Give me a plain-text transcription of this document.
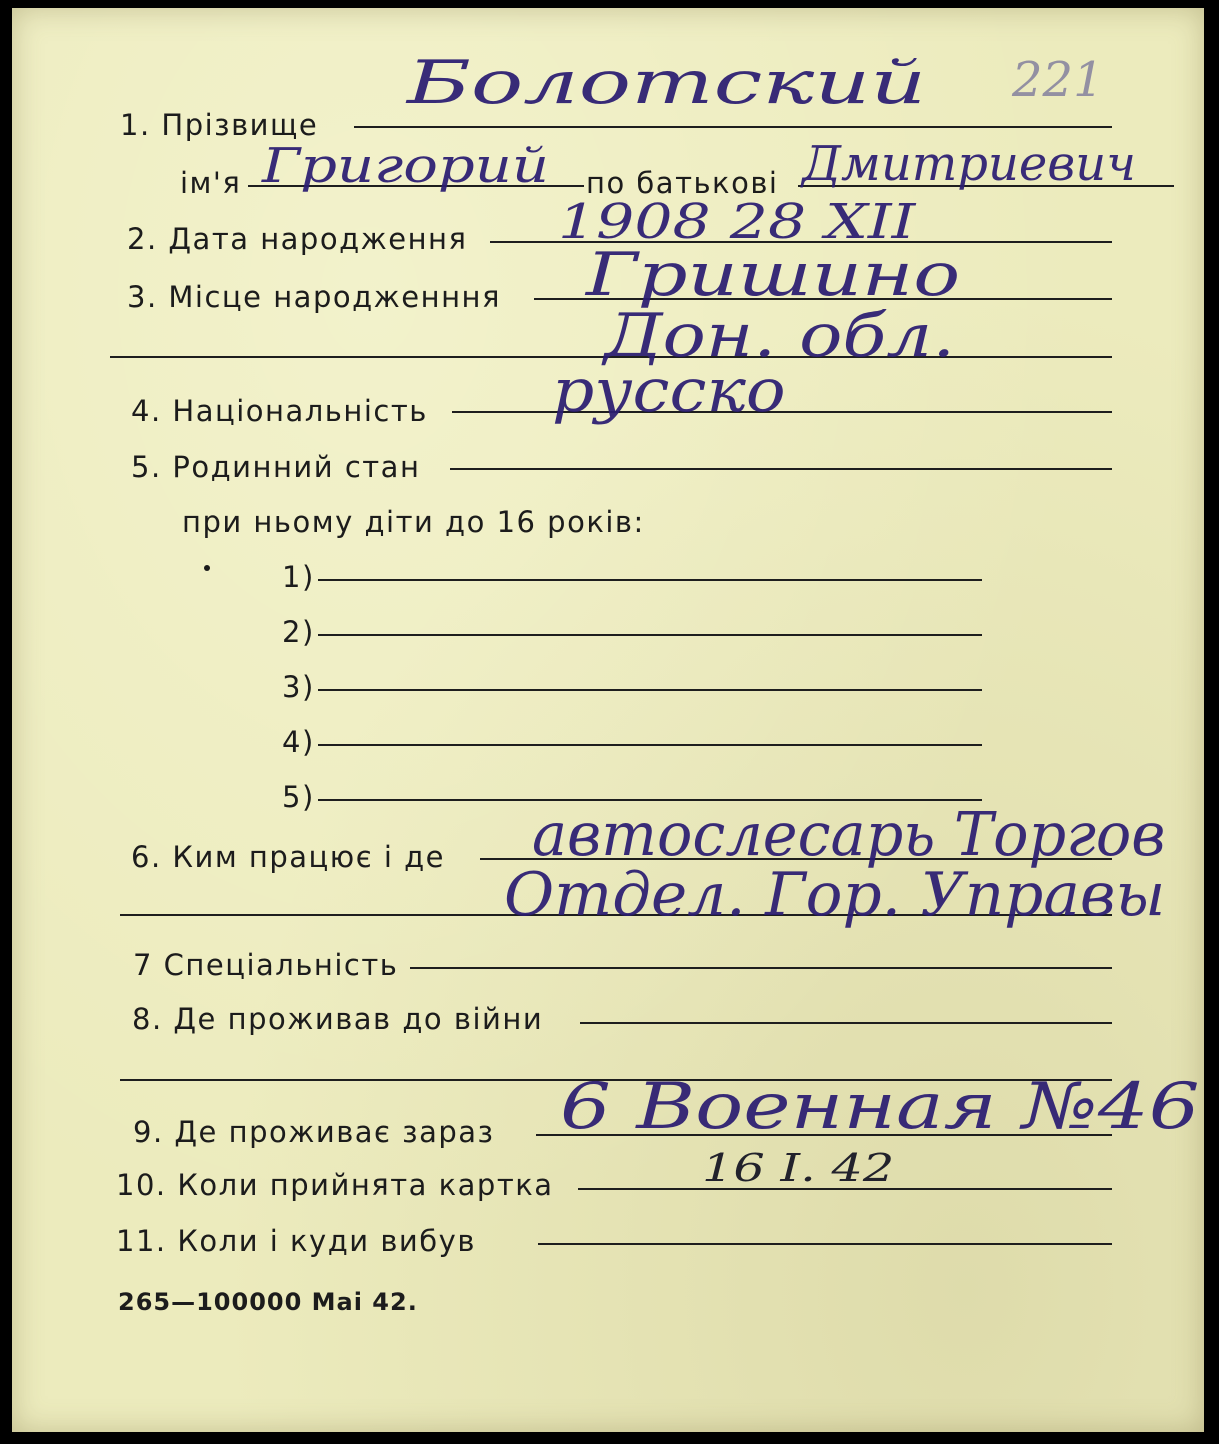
1. Прізвище
Болотский 221
ім'я Григорий по батькові Дмитриевич
2. Дата народження 1908 28 XII
3. Місце народженння Гришино
Дон. обл.
4. Національність русско
5. Родинний стан
при ньому діти до 16 років:
1)
2)
3)
4)
5)
6. Ким працює і де автослесарь Торгов
Отдел. Гор. Управы
7 Спеціальність
8. Де проживав до війни
9. Де проживає зараз 6 Военная №46
10. Коли прийнята картка	16 I. 42
11. Коли і куди вибув
265—100000 Mai 42.
